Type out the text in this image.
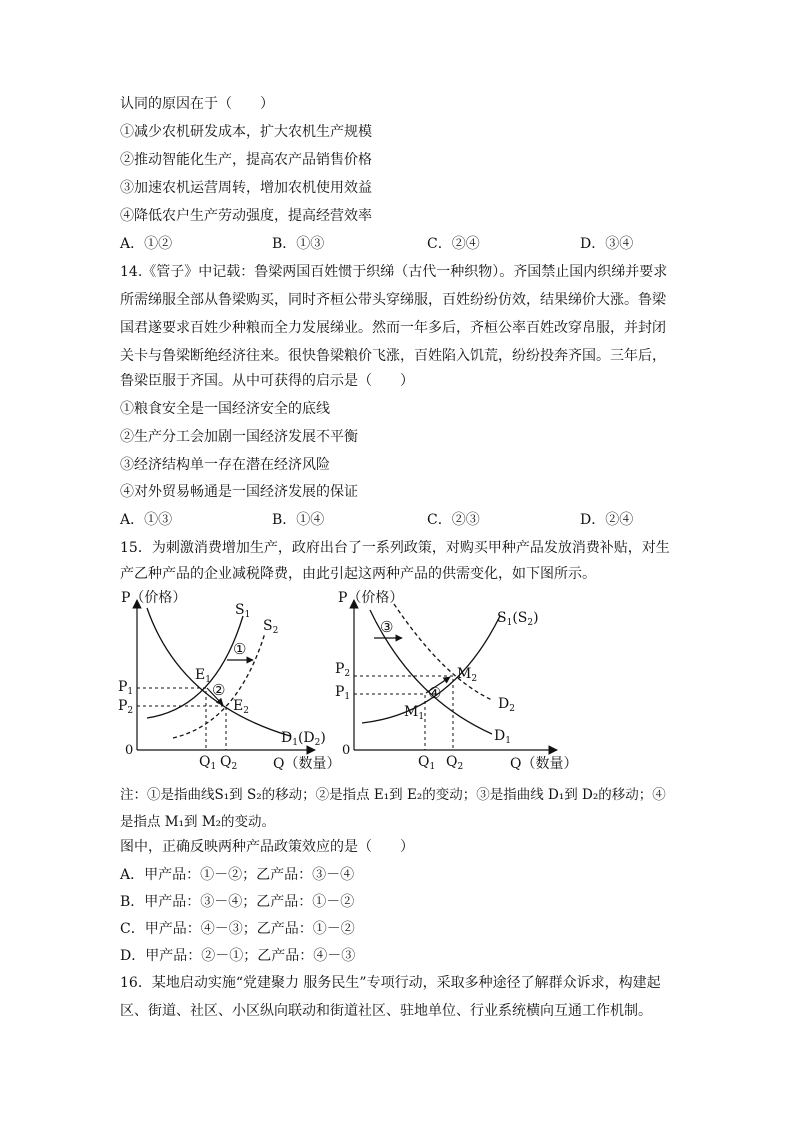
认同的原因在于（　　）
①减少农机研发成本，扩大农机生产规模
②推动智能化生产，提高农产品销售价格
③加速农机运营周转，增加农机使用效益
④降低农户生产劳动强度，提高经营效率
A．①②	B．①③	C．②④	D．③④
14.《管子》中记载：鲁梁两国百姓惯于织绨（古代一种织物）。齐国禁止国内织绨并要求
所需绨服全部从鲁梁购买，同时齐桓公带头穿绨服，百姓纷纷仿效，结果绨价大涨。鲁梁
国君遂要求百姓少种粮而全力发展绨业。然而一年多后，齐桓公率百姓改穿帛服，并封闭
关卡与鲁梁断绝经济往来。很快鲁梁粮价飞涨，百姓陷入饥荒，纷纷投奔齐国。三年后，
鲁梁臣服于齐国。从中可获得的启示是（　　）
①粮食安全是一国经济安全的底线
②生产分工会加剧一国经济发展不平衡
③经济结构单一存在潜在经济风险
④对外贸易畅通是一国经济发展的保证
A．①③	B．①④	C．②③	D．②④
15．为刺激消费增加生产，政府出台了一系列政策，对购买甲种产品发放消费补贴，对生
产乙种产品的企业减税降费，由此引起这两种产品的供需变化，如下图所示。
P（价格）
Q（数量）
0
$S_1$
$S_2$
$D_1(D_2)$
$E_1$
$E_2$
①
②
$P_1$
$P_2$
$Q_1$ $Q_2$
P（价格）
Q（数量）
0
$S_1(S_2)$
$D_1$
$D_2$
$M_1$
$M_2$
③
④
$P_2$
$P_1$
$Q_1$ $Q_2$
注：①是指曲线S₁到 S₂的移动；②是指点 E₁到 E₂的变动；③是指曲线 D₁到 D₂的移动；④
是指点 M₁到 M₂的变动。
图中，正确反映两种产品政策效应的是（　　）
A．甲产品：①－②；乙产品：③－④
B．甲产品：③－④；乙产品：①－②
C．甲产品：④－③；乙产品：①－②
D．甲产品：②－①；乙产品：④－③
16．某地启动实施“党建聚力 服务民生”专项行动，采取多种途径了解群众诉求，构建起
区、街道、社区、小区纵向联动和街道社区、驻地单位、行业系统横向互通工作机制。
